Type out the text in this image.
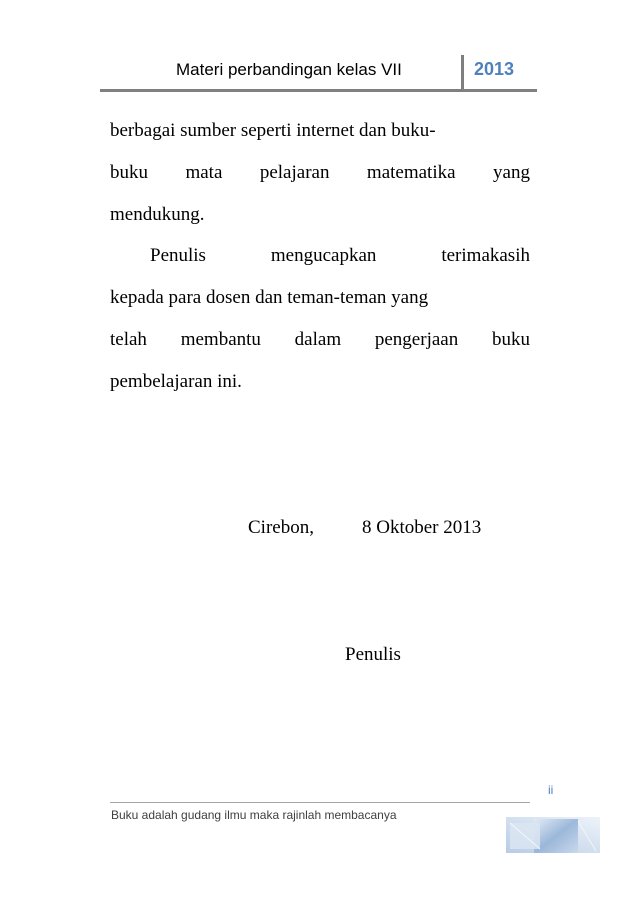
Materi perbandingan kelas VII	2013
berbagai sumber seperti internet dan buku-
buku mata pelajaran matematika yang
mendukung.
Penulis	mengucapkan	terimakasih
kepada para dosen dan teman-teman yang
telah membantu dalam pengerjaan buku
pembelajaran ini.
Cirebon,	8 Oktober 2013
Penulis
ii
Buku adalah gudang ilmu maka rajinlah membacanya
